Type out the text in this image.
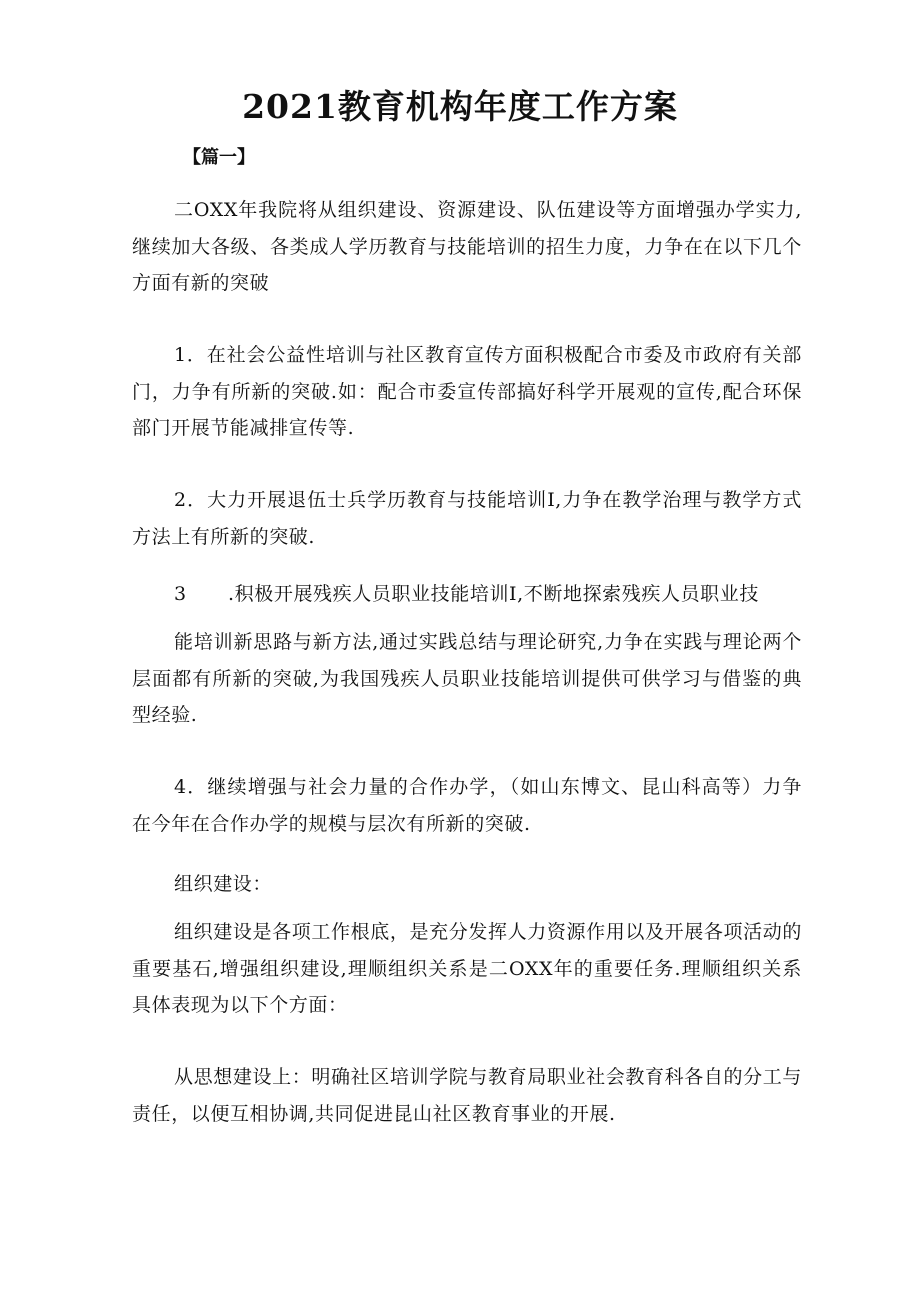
2021教育机构年度工作方案
【篇一】

二OXX年我院将从组织建设、资源建设、队伍建设等方面增强办学实力,继续加大各级、各类成人学历教育与技能培训的招生力度，力争在在以下几个方面有新的突破

1．在社会公益性培训与社区教育宣传方面积极配合市委及市政府有关部门，力争有所新的突破.如：配合市委宣传部搞好科学开展观的宣传,配合环保部门开展节能减排宣传等.

2．大力开展退伍士兵学历教育与技能培训I,力争在教学治理与教学方式方法上有所新的突破.

3 .积极开展残疾人员职业技能培训I,不断地探索残疾人员职业技

能培训新思路与新方法,通过实践总结与理论研究,力争在实践与理论两个层面都有所新的突破,为我国残疾人员职业技能培训提供可供学习与借鉴的典型经验.

4．继续增强与社会力量的合作办学，（如山东博文、昆山科高等）力争在今年在合作办学的规模与层次有所新的突破.

组织建设：

组织建设是各项工作根底，是充分发挥人力资源作用以及开展各项活动的重要基石,增强组织建设,理顺组织关系是二OXX年的重要任务.理顺组织关系具体表现为以下个方面：

从思想建设上：明确社区培训学院与教育局职业社会教育科各自的分工与责任，以便互相协调,共同促进昆山社区教育事业的开展.
